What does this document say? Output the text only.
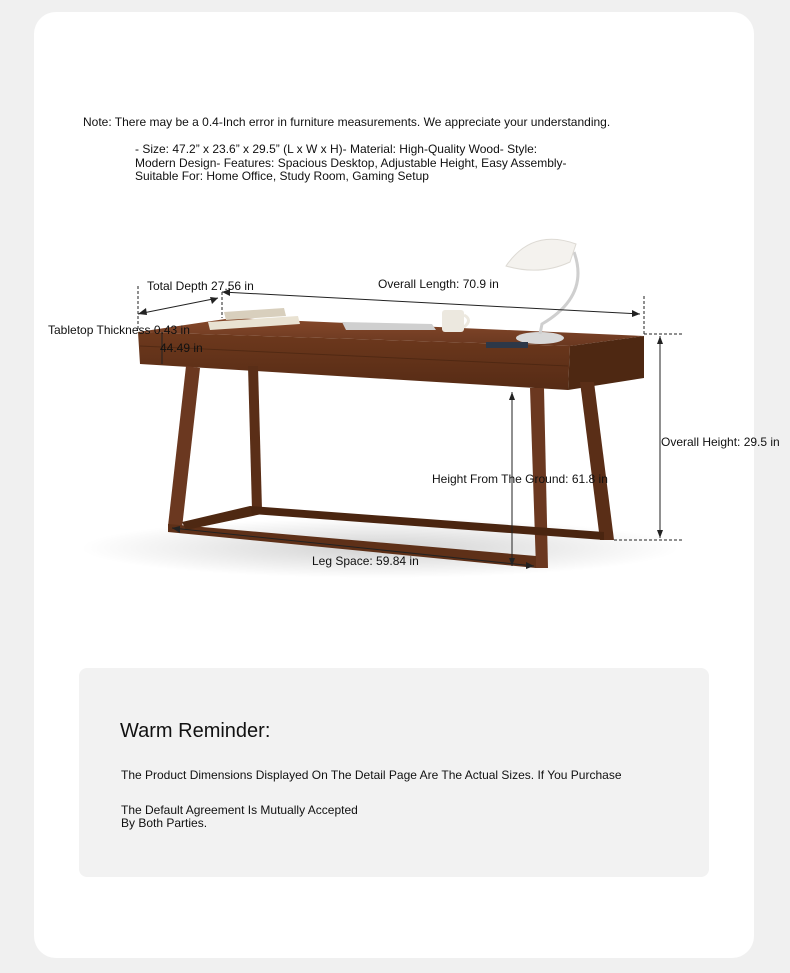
Note: There may be a 0.4-Inch error in furniture measurements. We appreciate your understanding.
- Size: 47.2” x 23.6” x 29.5” (L x W x H)- Material: High-Quality Wood- Style:
Modern Design- Features: Spacious Desktop, Adjustable Height, Easy Assembly-
Suitable For: Home Office, Study Room, Gaming Setup
Total Depth 27.56 in	Overall Length: 70.9 in
Tabletop Thickness 0.43 in
44.49 in
Overall Height: 29.5 in
Height From The Ground: 61.8 in
Leg Space: 59.84 in
Warm Reminder:
The Product Dimensions Displayed On The Detail Page Are The Actual Sizes. If You Purchase
The Default Agreement Is Mutually Accepted
By Both Parties.
